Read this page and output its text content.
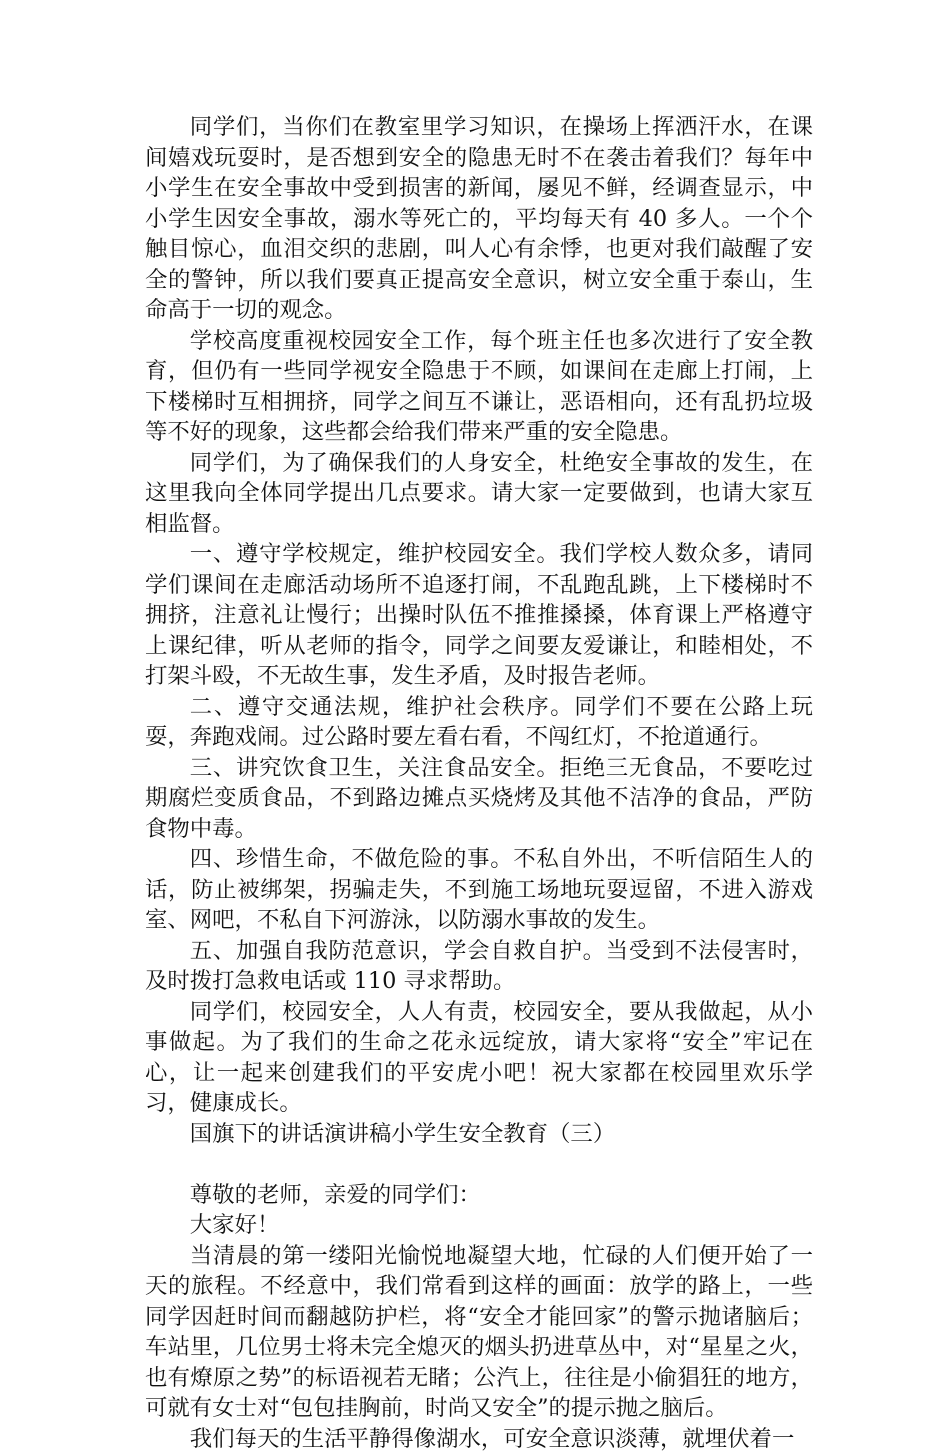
同学们，当你们在教室里学习知识，在操场上挥洒汗水，在课间嬉戏玩耍时，是否想到安全的隐患无时不在袭击着我们？每年中小学生在安全事故中受到损害的新闻，屡见不鲜，经调查显示，中小学生因安全事故，溺水等死亡的，平均每天有 40 多人。一个个触目惊心，血泪交织的悲剧，叫人心有余悸，也更对我们敲醒了安全的警钟，所以我们要真正提高安全意识，树立安全重于泰山，生命高于一切的观念。

学校高度重视校园安全工作，每个班主任也多次进行了安全教育，但仍有一些同学视安全隐患于不顾，如课间在走廊上打闹，上下楼梯时互相拥挤，同学之间互不谦让，恶语相向，还有乱扔垃圾等不好的现象，这些都会给我们带来严重的安全隐患。

同学们，为了确保我们的人身安全，杜绝安全事故的发生，在这里我向全体同学提出几点要求。请大家一定要做到，也请大家互相监督。

一、遵守学校规定，维护校园安全。我们学校人数众多，请同学们课间在走廊活动场所不追逐打闹，不乱跑乱跳，上下楼梯时不拥挤，注意礼让慢行；出操时队伍不推推搡搡，体育课上严格遵守上课纪律，听从老师的指令，同学之间要友爱谦让，和睦相处，不打架斗殴，不无故生事，发生矛盾，及时报告老师。

二、遵守交通法规，维护社会秩序。同学们不要在公路上玩耍，奔跑戏闹。过公路时要左看右看，不闯红灯，不抢道通行。

三、讲究饮食卫生，关注食品安全。拒绝三无食品，不要吃过期腐烂变质食品，不到路边摊点买烧烤及其他不洁净的食品，严防食物中毒。

四、珍惜生命，不做危险的事。不私自外出，不听信陌生人的话，防止被绑架，拐骗走失，不到施工场地玩耍逗留，不进入游戏室、网吧，不私自下河游泳，以防溺水事故的发生。

五、加强自我防范意识，学会自救自护。当受到不法侵害时，及时拨打急救电话或 110 寻求帮助。

同学们，校园安全，人人有责，校园安全，要从我做起，从小事做起。为了我们的生命之花永远绽放，请大家将“安全”牢记在心，让一起来创建我们的平安虎小吧！祝大家都在校园里欢乐学习，健康成长。

国旗下的讲话演讲稿小学生安全教育（三）

尊敬的老师，亲爱的同学们：

大家好！

当清晨的第一缕阳光愉悦地凝望大地，忙碌的人们便开始了一天的旅程。不经意中，我们常看到这样的画面：放学的路上，一些同学因赶时间而翻越防护栏，将“安全才能回家”的警示抛诸脑后；车站里，几位男士将未完全熄灭的烟头扔进草丛中，对“星星之火，也有燎原之势”的标语视若无睹；公汽上，往往是小偷猖狂的地方，可就有女士对“包包挂胸前，时尚又安全”的提示抛之脑后。

我们每天的生活平静得像湖水，可安全意识淡薄，就埋伏着一
